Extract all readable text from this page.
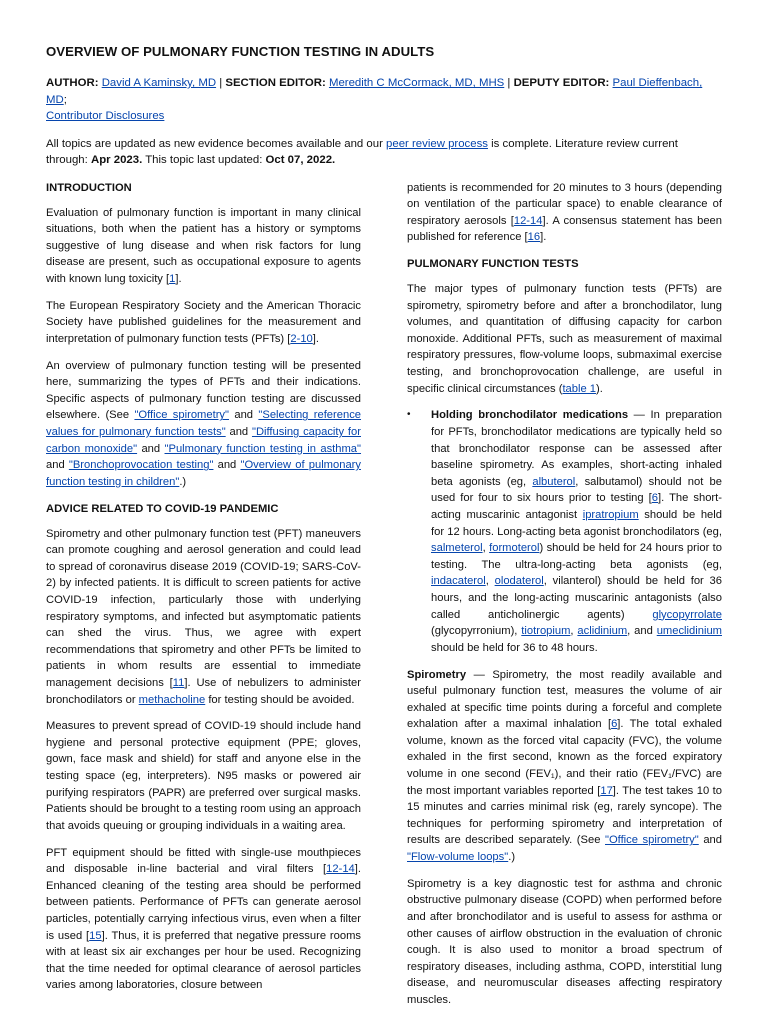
OVERVIEW OF PULMONARY FUNCTION TESTING IN ADULTS
AUTHOR: David A Kaminsky, MD | SECTION EDITOR: Meredith C McCormack, MD, MHS | DEPUTY EDITOR: Paul Dieffenbach, MD;
Contributor Disclosures
All topics are updated as new evidence becomes available and our peer review process is complete. Literature review current through: Apr 2023. This topic last updated: Oct 07, 2022.
INTRODUCTION

Evaluation of pulmonary function is important in many clinical situations, both when the patient has a history or symptoms suggestive of lung disease and when risk factors for lung disease are present, such as occupational exposure to agents with known lung toxicity [1].

The European Respiratory Society and the American Thoracic Society have published guidelines for the measurement and interpretation of pulmonary function tests (PFTs) [2-10].

An overview of pulmonary function testing will be presented here, summarizing the types of PFTs and their indications. Specific aspects of pulmonary function testing are discussed elsewhere. (See "Office spirometry" and "Selecting reference values for pulmonary function tests" and "Diffusing capacity for carbon monoxide" and "Pulmonary function testing in asthma" and "Bronchoprovocation testing" and "Overview of pulmonary function testing in children".)

ADVICE RELATED TO COVID-19 PANDEMIC

Spirometry and other pulmonary function test (PFT) maneuvers can promote coughing and aerosol generation and could lead to spread of coronavirus disease 2019 (COVID-19; SARS-CoV-2) by infected patients. It is difficult to screen patients for active COVID-19 infection, particularly those with underlying respiratory symptoms, and infected but asymptomatic patients can shed the virus. Thus, we agree with expert recommendations that spirometry and other PFTs be limited to patients in whom results are essential to immediate management decisions [11]. Use of nebulizers to administer bronchodilators or methacholine for testing should be avoided.

Measures to prevent spread of COVID-19 should include hand hygiene and personal protective equipment (PPE; gloves, gown, face mask and shield) for staff and anyone else in the testing space (eg, interpreters). N95 masks or powered air purifying respirators (PAPR) are preferred over surgical masks. Patients should be brought to a testing room using an approach that avoids queuing or grouping individuals in a waiting area.

PFT equipment should be fitted with single-use mouthpieces and disposable in-line bacterial and viral filters [12-14]. Enhanced cleaning of the testing area should be performed between patients. Performance of PFTs can generate aerosol particles, potentially carrying infectious virus, even when a filter is used [15]. Thus, it is preferred that negative pressure rooms with at least six air exchanges per hour be used. Recognizing that the time needed for optimal clearance of aerosol particles varies among laboratories, closure between

patients is recommended for 20 minutes to 3 hours (depending on ventilation of the particular space) to enable clearance of respiratory aerosols [12-14]. A consensus statement has been published for reference [16].

PULMONARY FUNCTION TESTS

The major types of pulmonary function tests (PFTs) are spirometry, spirometry before and after a bronchodilator, lung volumes, and quantitation of diffusing capacity for carbon monoxide. Additional PFTs, such as measurement of maximal respiratory pressures, flow-volume loops, submaximal exercise testing, and bronchoprovocation challenge, are useful in specific clinical circumstances (table 1).

•	Holding bronchodilator medications — In preparation for PFTs, bronchodilator medications are typically held so that bronchodilator response can be assessed after baseline spirometry. As examples, short-acting inhaled beta agonists (eg, albuterol, salbutamol) should not be used for four to six hours prior to testing [6]. The short-acting muscarinic antagonist ipratropium should be held for 12 hours. Long-acting beta agonist bronchodilators (eg, salmeterol, formoterol) should be held for 24 hours prior to testing. The ultra-long-acting beta agonists (eg, indacaterol, olodaterol, vilanterol) should be held for 36 hours, and the long-acting muscarinic antagonists (also called anticholinergic agents) glycopyrrolate (glycopyrronium), tiotropium, aclidinium, and umeclidinium should be held for 36 to 48 hours.

Spirometry — Spirometry, the most readily available and useful pulmonary function test, measures the volume of air exhaled at specific time points during a forceful and complete exhalation after a maximal inhalation [6]. The total exhaled volume, known as the forced vital capacity (FVC), the volume exhaled in the first second, known as the forced expiratory volume in one second (FEV₁), and their ratio (FEV₁/FVC) are the most important variables reported [17]. The test takes 10 to 15 minutes and carries minimal risk (eg, rarely syncope). The techniques for performing spirometry and interpretation of results are described separately. (See "Office spirometry" and "Flow-volume loops".)

Spirometry is a key diagnostic test for asthma and chronic obstructive pulmonary disease (COPD) when performed before and after bronchodilator and is useful to assess for asthma or other causes of airflow obstruction in the evaluation of chronic cough. It is also used to monitor a broad spectrum of respiratory diseases, including asthma, COPD, interstitial lung disease, and neuromuscular diseases affecting respiratory muscles.
